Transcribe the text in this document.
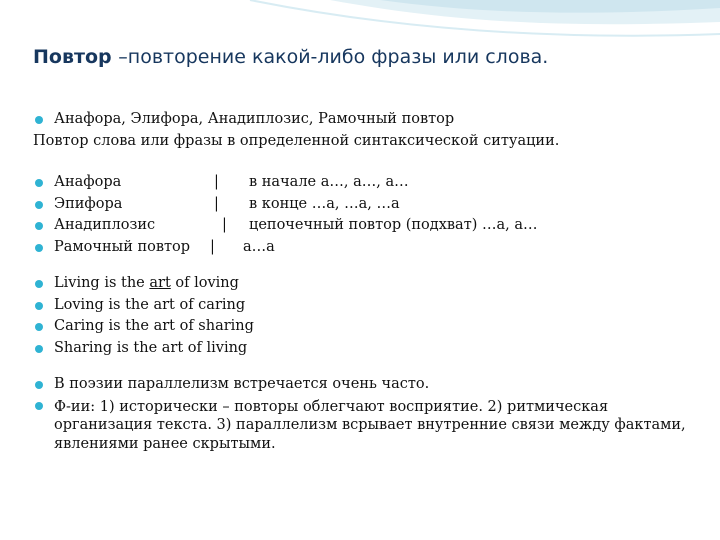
Повтор –повторение какой-либо фразы или слова.
Анафора, Элифора, Анадиплозис, Рамочный повтор
Повтор слова или фразы в определенной синтаксической ситуации.
Анафора	| в начале а…, а…, а…
Эпифора	| в конце …а, …а, …а
Анадиплозис	| цепочечный повтор (подхват) …а, а…
Рамочный повтор | а…а
Living is the art of loving
Loving is the art of caring
Caring is the art of sharing
Sharing is the art of living
В поэзии параллелизм встречается очень часто.
Ф-ии: 1) исторически – повторы облегчают восприятие. 2) ритмическая организация текста. 3) параллелизм всрывает внутренние связи между фактами, явлениями ранее скрытыми.
